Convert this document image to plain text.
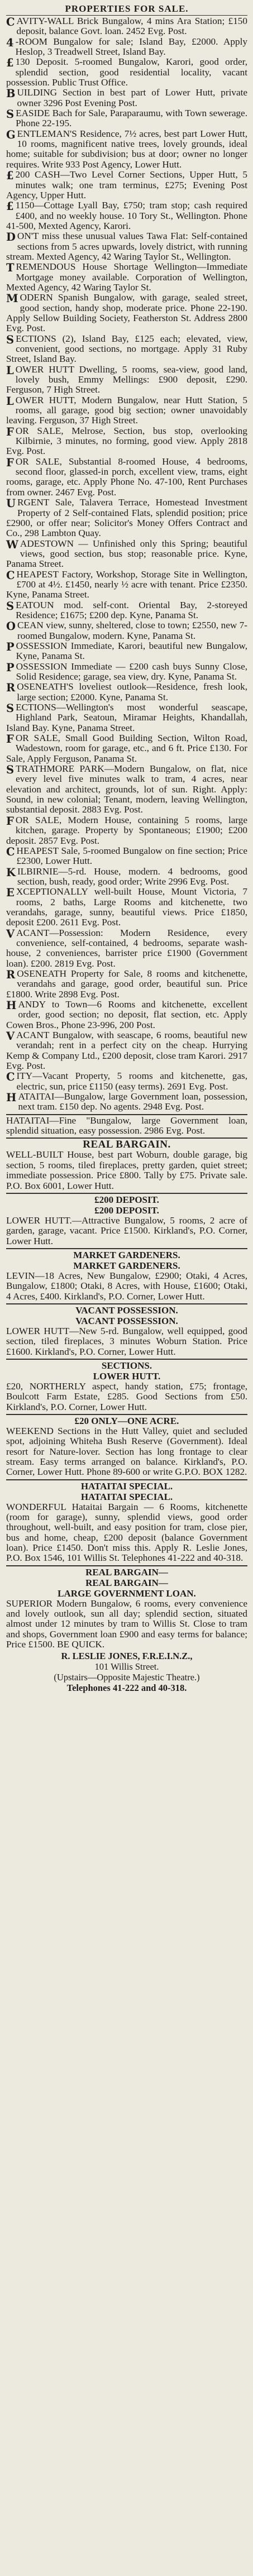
PROPERTIES FOR SALE.

C AVITY-WALL Brick Bungalow, 4 mins Ara Station; £150 deposit, balance Govt. loan. 2452 Evg. Post.

4 -ROOM Bungalow for sale; Island Bay, £2000. Apply Heslop, 3 Treadwell Street, Island Bay.

£ 130 Deposit. 5-roomed Bungalow, Karori, good order, splendid section, good residential locality, vacant possession. Public Trust Office.

B UILDING Section in best part of Lower Hutt, private owner 3296 Post Evening Post.

S EASIDE Bach for Sale, Paraparaumu, with Town sewerage. Phone 22-195.

G ENTLEMAN'S Residence, 7½ acres, best part Lower Hutt, 10 rooms, magnificent native trees, lovely grounds, ideal home; suitable for subdivision; bus at door; owner no longer requires. Write 933 Post Agency, Lower Hutt.

£ 200 CASH—Two Level Corner Sections, Upper Hutt, 5 minutes walk; one tram terminus, £275; Evening Post Agency, Upper Hutt.

£ 1150—Cottage Lyall Bay, £750; tram stop; cash required £400, and no weekly house. 10 Tory St., Wellington. Phone 41-500, Mexted Agency, Karori.

D ON'T miss these unusual values Tawa Flat: Self-contained sections from 5 acres upwards, lovely district, with running stream. Mexted Agency, 42 Waring Taylor St., Wellington.

T REMENDOUS House Shortage Wellington—Immediate Mortgage money available. Corporation of Wellington, Mexted Agency, 42 Waring Taylor St.

M ODERN Spanish Bungalow, with garage, sealed street, good section, handy shop, moderate price. Phone 22-190. Apply Sellow Building Society, Featherston St. Address 2800 Evg. Post.

S ECTIONS (2), Island Bay, £125 each; elevated, view, convenient, good sections, no mortgage. Apply 31 Ruby Street, Island Bay.

L OWER HUTT Dwelling, 5 rooms, sea-view, good land, lovely bush, Emmy Mellings: £900 deposit, £290. Ferguson, 7 High Street.

L OWER HUTT, Modern Bungalow, near Hutt Station, 5 rooms, all garage, good big section; owner unavoidably leaving. Ferguson, 37 High Street.

F OR SALE, Melrose, Section, bus stop, overlooking Kilbirnie, 3 minutes, no forming, good view. Apply 2818 Evg. Post.

F OR SALE, Substantial 8-roomed House, 4 bedrooms, second floor, glassed-in porch, excellent view, trams, eight rooms, garage, etc. Apply Phone No. 47-100, Rent Purchases from owner. 2467 Evg. Post.

U RGENT Sale, Talavera Terrace, Homestead Investment Property of 2 Self-contained Flats, splendid position; price £2900, or offer near; Solicitor's Money Offers Contract and Co., 298 Lambton Quay.

W ADESTOWN — Unfinished only this Spring; beautiful views, good section, bus stop; reasonable price. Kyne, Panama Street.

C HEAPEST Factory, Workshop, Storage Site in Wellington, £700 at 4½. £1450, nearly ½ acre with tenant. Price £2350. Kyne, Panama Street.

S EATOUN mod. self-cont. Oriental Bay, 2-storeyed Residence; £1675; £200 dep. Kyne, Panama St.

O CEAN view, sunny, sheltered, close to town; £2550, new 7-roomed Bungalow, modern. Kyne, Panama St.

P OSSESSION Immediate, Karori, beautiful new Bungalow, Kyne, Panama St.

P OSSESSION Immediate — £200 cash buys Sunny Close, Solid Residence; garage, sea view, dry. Kyne, Panama St.

R OSENEATH'S loveliest outlook—Residence, fresh look, large section; £2000. Kyne, Panama St.

S ECTIONS—Wellington's most wonderful seascape, Highland Park, Seatoun, Miramar Heights, Khandallah, Island Bay. Kyne, Panama Street.

F OR SALE, Small Good Building Section, Wilton Road, Wadestown, room for garage, etc., and 6 ft. Price £130. For Sale, Apply Ferguson, Panama St.

S TRATHMORE PARK—Modern Bungalow, on flat, nice every level five minutes walk to tram, 4 acres, near elevation and architect, grounds, lot of sun. Right. Apply: Sound, in new colonial; Tenant, modern, leaving Wellington, substantial deposit. 2883 Evg. Post.

F OR SALE, Modern House, containing 5 rooms, large kitchen, garage. Property by Spontaneous; £1900; £200 deposit. 2857 Evg. Post.

C HEAPEST Sale, 5-roomed Bungalow on fine section; Price £2300, Lower Hutt.

K ILBIRNIE—5-rd. House, modern. 4 bedrooms, good section, bush, ready, good order; Write 2996 Evg. Post.

E XCEPTIONALLY well-built House, Mount Victoria, 7 rooms, 2 baths, Large Rooms and kitchenette, two verandahs, garage, sunny, beautiful views. Price £1850, deposit £200. 2611 Evg. Post.

V ACANT—Possession: Modern Residence, every convenience, self-contained, 4 bedrooms, separate wash-house, 2 conveniences, barrister price £1900 (Government loan). £200. 2819 Evg. Post.

R OSENEATH Property for Sale, 8 rooms and kitchenette, verandahs and garage, good order, beautiful sun. Price £1800. Write 2898 Evg. Post.

H ANDY to Town—6 Rooms and kitchenette, excellent order, good section; no deposit, flat section, etc. Apply Cowen Bros., Phone 23-996, 200 Post.

V ACANT Bungalow, with seascape, 6 rooms, beautiful new verandah; rent in a perfect city on the cheap. Hurrying Kemp & Company Ltd., £200 deposit, close tram Karori. 2917 Evg. Post.

C ITY—Vacant Property, 5 rooms and kitchenette, gas, electric, sun, price £1150 (easy terms). 2691 Evg. Post.

H ATAITAI—Bungalow, large Government loan, possession, next tram. £150 dep. No agents. 2948 Evg. Post.

HATAITAI—Fine "Bungalow, large Government loan, splendid situation, easy possession. 2986 Evg. Post.
REAL BARGAIN.
WELL-BUILT House, best part Woburn, double garage, big section, 5 rooms, tiled fireplaces, pretty garden, quiet street; immediate possession. Price £800. Tally by £75. Private sale. P.O. Box 6001, Lower Hutt.
£200 DEPOSIT.
£200 DEPOSIT.
LOWER HUTT.—Attractive Bungalow, 5 rooms, 2 acre of garden, garage, vacant. Price £1500. Kirkland's, P.O. Corner, Lower Hutt.
MARKET GARDENERS.
MARKET GARDENERS.
LEVIN—18 Acres, New Bungalow, £2900; Otaki, 4 Acres, Bungalow, £1800; Otaki, 8 Acres, with House, £1600; Otaki, 4 Acres, £400. Kirkland's, P.O. Corner, Lower Hutt.
VACANT POSSESSION.
VACANT POSSESSION.
LOWER HUTT—New 5-rd. Bungalow, well equipped, good section, tiled fireplaces, 3 minutes Woburn Station. Price £1600. Kirkland's, P.O. Corner, Lower Hutt.
SECTIONS.
LOWER HUTT.
£20, NORTHERLY aspect, handy station, £75; frontage, Boulcott Farm Estate, £285. Good Sections from £50. Kirkland's, P.O. Corner, Lower Hutt.
£20 ONLY—ONE ACRE.
WEEKEND Sections in the Hutt Valley, quiet and secluded spot, adjoining Whiteha Bush Reserve (Government). Ideal resort for Nature-lover. Section has long frontage to clear stream. Easy terms arranged on balance. Kirkland's, P.O. Corner, Lower Hutt. Phone 89-600 or write G.P.O. BOX 1282.
HATAITAI SPECIAL.
HATAITAI SPECIAL.
WONDERFUL Hataitai Bargain — 6 Rooms, kitchenette (room for garage), sunny, splendid views, good order throughout, well-built, and easy position for tram, close pier, bus and home, cheap, £200 deposit (balance Government loan). Price £1450. Don't miss this. Apply R. Leslie Jones, P.O. Box 1546, 101 Willis St. Telephones 41-222 and 40-318.
REAL BARGAIN—
REAL BARGAIN—
LARGE GOVERNMENT LOAN.
SUPERIOR Modern Bungalow, 6 rooms, every convenience and lovely outlook, sun all day; splendid section, situated almost under 12 minutes by tram to Willis St. Close to tram and shops, Government loan £900 and easy terms for balance; Price £1500. BE QUICK.
R. LESLIE JONES, F.R.E.I.N.Z.,
101 Willis Street.
(Upstairs—Opposite Majestic Theatre.)
Telephones 41-222 and 40-318.
